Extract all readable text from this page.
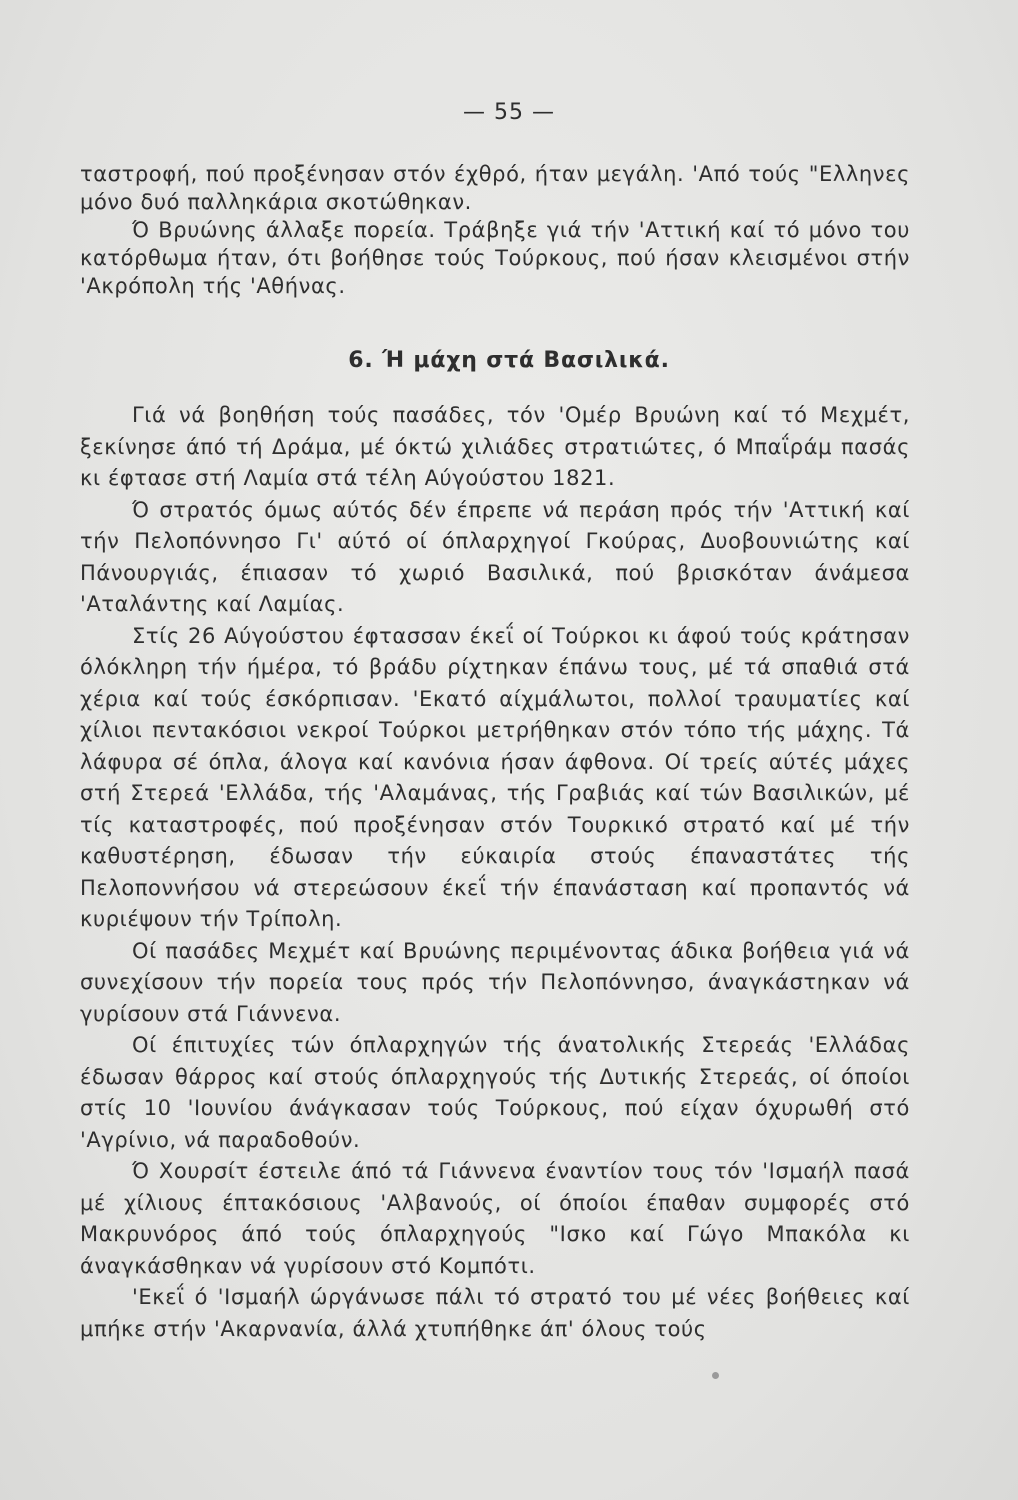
— 55 —

ταστροφή, πού προξένησαν στόν έχθρό, ήταν μεγάλη. 'Από τούς "Ελληνες μόνο δυό παλληκάρια σκοτώθηκαν.

Ό Βρυώνης άλλαξε πορεία. Τράβηξε γιά τήν 'Αττική καί τό μόνο του κατόρθωμα ήταν, ότι βοήθησε τούς Τούρκους, πού ήσαν κλεισμένοι στήν 'Ακρόπολη τής 'Αθήνας.

6. Ή μάχη στά Βασιλικά.

Γιά νά βοηθήση τούς πασάδες, τόν 'Ομέρ Βρυώνη καί τό Μεχμέτ, ξεκίνησε άπό τή Δράμα, μέ όκτώ χιλιάδες στρατιώτες, ό Μπαΐράμ πασάς κι έφτασε στή Λαμία στά τέλη Αύγούστου 1821.

Ό στρατός όμως αύτός δέν έπρεπε νά περάση πρός τήν 'Αττική καί τήν Πελοπόννησο Γι' αύτό οί όπλαρχηγοί Γκούρας, Δυοβουνιώτης καί Πάνουργιάς, έπιασαν τό χωριό Βασιλικά, πού βρισκόταν άνάμεσα 'Αταλάντης καί Λαμίας.

Στίς 26 Αύγούστου έφτασσαν έκεΐ οί Τούρκοι κι άφού τούς κράτησαν όλόκληρη τήν ήμέρα, τό βράδυ ρίχτηκαν έπάνω τους, μέ τά σπαθιά στά χέρια καί τούς έσκόρπισαν. 'Εκατό αίχμάλωτοι, πολλοί τραυματίες καί χίλιοι πεντακόσιοι νεκροί Τούρκοι μετρήθηκαν στόν τόπο τής μάχης. Τά λάφυρα σέ όπλα, άλογα καί κανόνια ήσαν άφθονα. Οί τρείς αύτές μάχες στή Στερεά 'Ελλάδα, τής 'Αλαμάνας, τής Γραβιάς καί τών Βασιλικών, μέ τίς καταστροφές, πού προξένησαν στόν Τουρκικό στρατό καί μέ τήν καθυστέρηση, έδωσαν τήν εύκαιρία στούς έπαναστάτες τής Πελοποννήσου νά στερεώσουν έκεΐ τήν έπανάσταση καί προπαντός νά κυριέψουν τήν Τρίπολη.

Οί πασάδες Μεχμέτ καί Βρυώνης περιμένοντας άδικα βοήθεια γιά νά συνεχίσουν τήν πορεία τους πρός τήν Πελοπόννησο, άναγκάστηκαν νά γυρίσουν στά Γιάννενα.

Οί έπιτυχίες τών όπλαρχηγών τής άνατολικής Στερεάς 'Ελλάδας έδωσαν θάρρος καί στούς όπλαρχηγούς τής Δυτικής Στερεάς, οί όποίοι στίς 10 'Ιουνίου άνάγκασαν τούς Τούρκους, πού είχαν όχυρωθή στό 'Αγρίνιο, νά παραδοθούν.

Ό Χουρσίτ έστειλε άπό τά Γιάννενα έναντίον τους τόν 'Ισμαήλ πασά μέ χίλιους έπτακόσιους 'Αλβανούς, οί όποίοι έπαθαν συμφορές στό Μακρυνόρος άπό τούς όπλαρχηγούς "Ισκο καί Γώγο Μπακόλα κι άναγκάσθηκαν νά γυρίσουν στό Κομπότι.

'Εκεΐ ό 'Ισμαήλ ώργάνωσε πάλι τό στρατό του μέ νέες βοήθειες καί μπήκε στήν 'Ακαρνανία, άλλά χτυπήθηκε άπ' όλους τούς
